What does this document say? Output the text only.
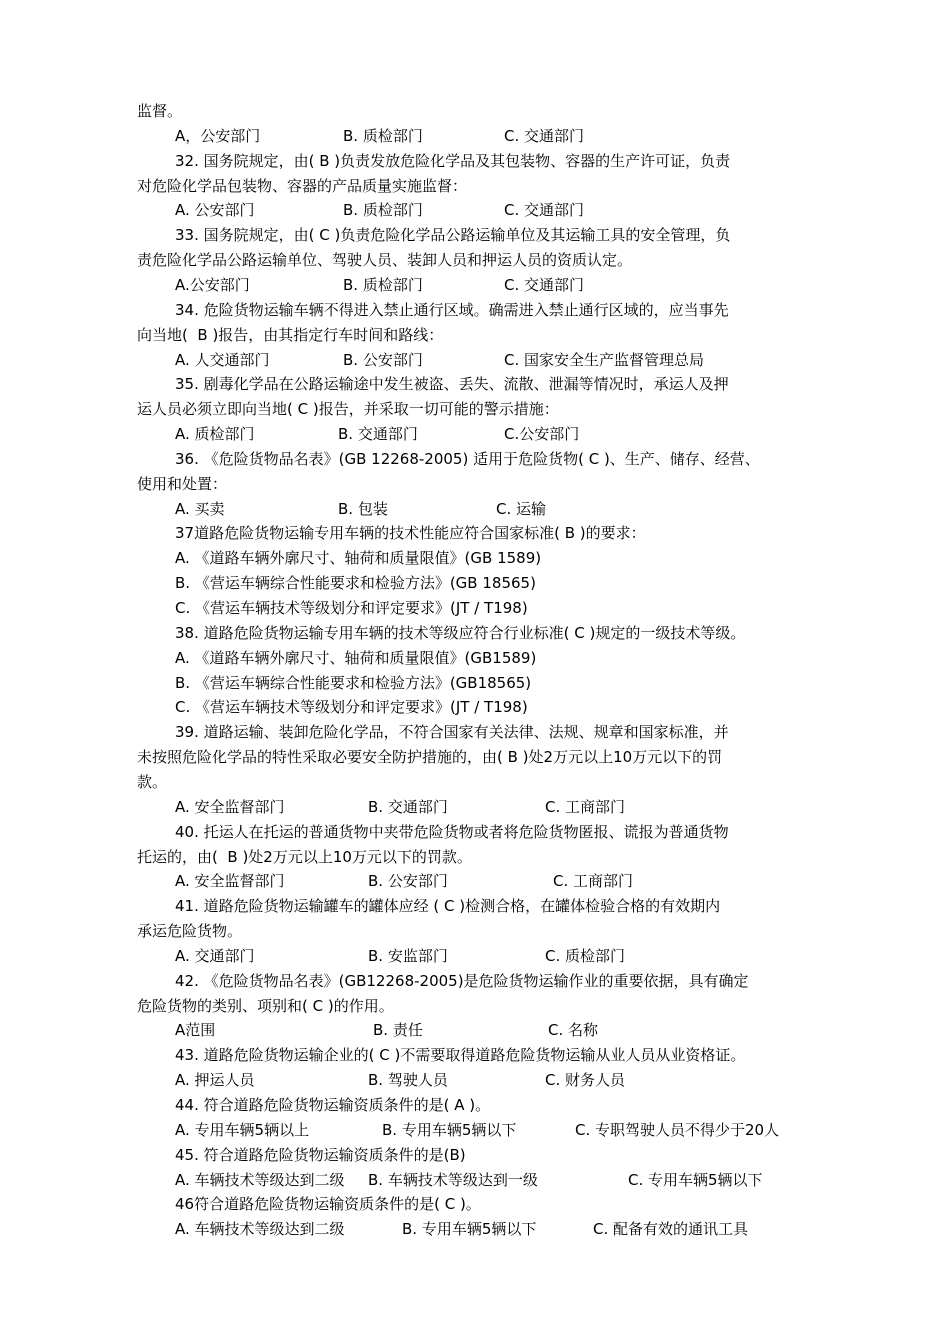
监督。
A，公安部门	B. 质检部门	C. 交通部门
32. 国务院规定，由( B )负责发放危险化学品及其包装物、容器的生产许可证，负责
对危险化学品包装物、容器的产品质量实施监督：
A. 公安部门	B. 质检部门	C. 交通部门
33. 国务院规定，由( C )负责危险化学品公路运输单位及其运输工具的安全管理，负
责危险化学品公路运输单位、驾驶人员、装卸人员和押运人员的资质认定。
A.公安部门	B. 质检部门	C. 交通部门
34. 危险货物运输车辆不得进入禁止通行区域。确需进入禁止通行区域的，应当事先
向当地(  B )报告，由其指定行车时间和路线：
A. 人交通部门	B. 公安部门	C. 国家安全生产监督管理总局
35. 剧毒化学品在公路运输途中发生被盗、丢失、流散、泄漏等情况时，承运人及押
运人员必须立即向当地( C )报告，并采取一切可能的警示措施：
A. 质检部门	B. 交通部门	C.公安部门
36. 《危险货物品名表》(GB 12268-2005) 适用于危险货物( C )、生产、储存、经营、
使用和处置：
A. 买卖	B. 包装	C. 运输
37道路危险货物运输专用车辆的技术性能应符合国家标准( B )的要求：
A. 《道路车辆外廓尺寸、轴荷和质量限值》(GB 1589)
B. 《营运车辆综合性能要求和检验方法》(GB 18565)
C. 《营运车辆技术等级划分和评定要求》(JT / T198)
38. 道路危险货物运输专用车辆的技术等级应符合行业标准( C )规定的一级技术等级。
A. 《道路车辆外廓尺寸、轴荷和质量限值》(GB1589)
B. 《营运车辆综合性能要求和检验方法》(GB18565)
C. 《营运车辆技术等级划分和评定要求》(JT / T198)
39. 道路运输、装卸危险化学品，不符合国家有关法律、法规、规章和国家标准，并
未按照危险化学品的特性采取必要安全防护措施的，由( B )处2万元以上10万元以下的罚
款。
A. 安全监督部门	B. 交通部门	C. 工商部门
40. 托运人在托运的普通货物中夹带危险货物或者将危险货物匿报、谎报为普通货物
托运的，由(  B )处2万元以上10万元以下的罚款。
A. 安全监督部门	B. 公安部门	C. 工商部门
41. 道路危险货物运输罐车的罐体应经 ( C )检测合格，在罐体检验合格的有效期内
承运危险货物。
A. 交通部门	B. 安监部门	C. 质检部门
42. 《危险货物品名表》(GB12268-2005)是危险货物运输作业的重要依据，具有确定
危险货物的类别、项别和( C )的作用。
A范围	B. 责任	C. 名称
43. 道路危险货物运输企业的( C )不需要取得道路危险货物运输从业人员从业资格证。
A. 押运人员	B. 驾驶人员	C. 财务人员
44. 符合道路危险货物运输资质条件的是( A )。
A. 专用车辆5辆以上	B. 专用车辆5辆以下	C. 专职驾驶人员不得少于20人
45. 符合道路危险货物运输资质条件的是(B)
A. 车辆技术等级达到二级 B. 车辆技术等级达到一级	C. 专用车辆5辆以下
46符合道路危险货物运输资质条件的是( C )。
A. 车辆技术等级达到二级	B. 专用车辆5辆以下	C. 配备有效的通讯工具
